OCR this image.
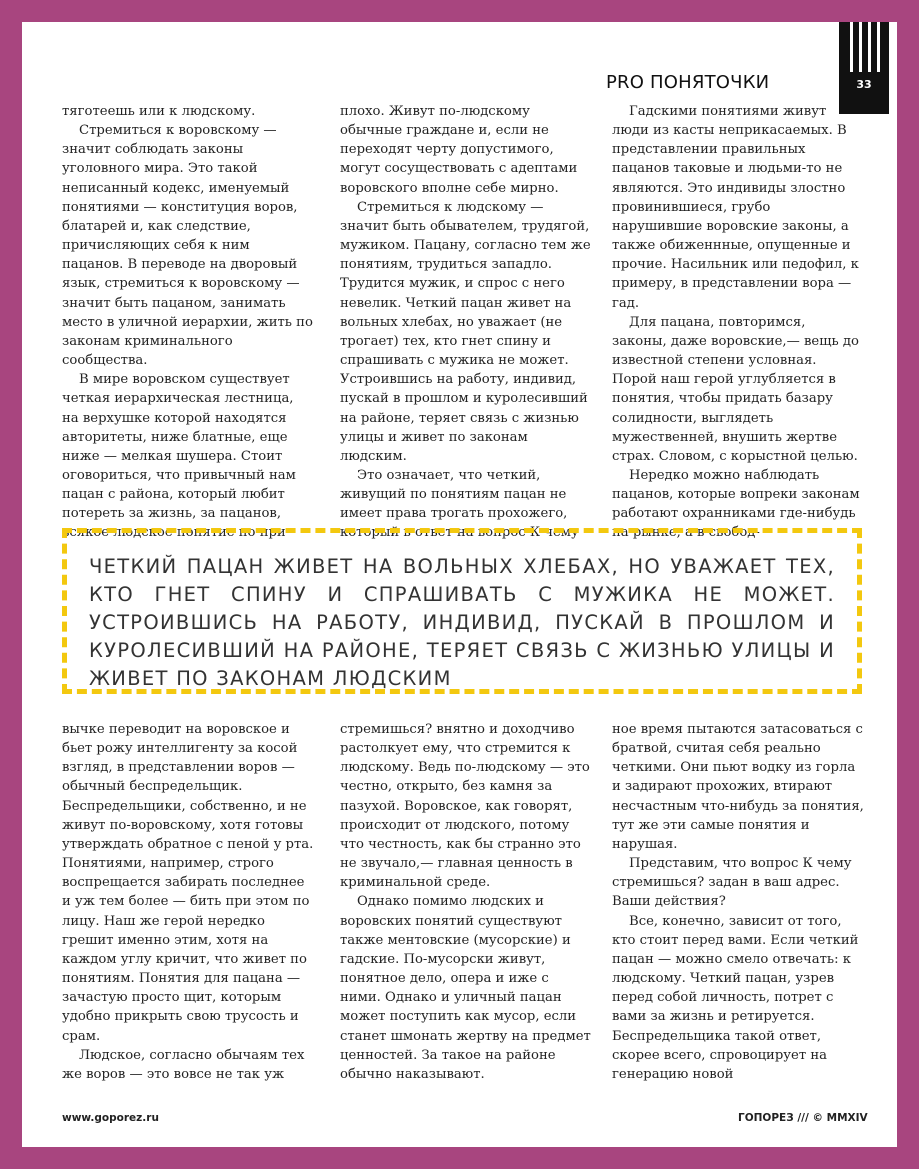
33
PRO ПОНЯТОЧКИ

тяготеешь или к людскому.

Стремиться к воровскому — значит соблюдать законы уголовного мира. Это такой неписанный кодекс, именуемый понятиями — конституция воров, блатарей и, как следствие, причисляющих себя к ним пацанов. В переводе на дворовый язык, стремиться к воровскому — значит быть пацаном, занимать место в уличной иерархии, жить по законам криминального сообщества.

В мире воровском существует четкая иерархическая лестница, на верхушке которой находятся авторитеты, ниже блатные, еще ниже — мелкая шушера. Стоит оговориться, что привычный нам пацан с района, который любит потереть за жизнь, за пацанов, всякое людское понятие по при-

плохо. Живут по-людскому обычные граждане и, если не переходят черту допустимого, могут сосуществовать с адептами воровского вполне себе мирно.

Стремиться к людскому — значит быть обывателем, трудягой, мужиком. Пацану, согласно тем же понятиям, трудиться западло. Трудится мужик, и спрос с него невелик. Четкий пацан живет на вольных хлебах, но уважает (не трогает) тех, кто гнет спину и спрашивать с мужика не может. Устроившись на работу, индивид, пускай в прошлом и куролесивший на районе, теряет связь с жизнью улицы и живет по законам людским.

Это означает, что четкий, живущий по понятиям пацан не имеет права трогать прохожего, который в ответ на вопрос К чему

Гадскими понятиями живут люди из касты неприкасаемых. В представлении правильных пацанов таковые и людьми-то не являются. Это индивиды злостно провинившиеся, грубо нарушившие воровские законы, а также обиженнные, опущенные и прочие. Насильник или педофил, к примеру, в представлении вора — гад.

Для пацана, повторимся, законы, даже воровские,— вещь до известной степени условная. Порой наш герой углубляется в понятия, чтобы придать базару солидности, выглядеть мужественней, внушить жертве страх. Словом, с корыстной целью.

Нередко можно наблюдать пацанов, которые вопреки законам работают охранниками где-нибудь на рынке, а в свобод-

ЧЕТКИЙ ПАЦАН ЖИВЕТ НА ВОЛЬНЫХ ХЛЕБАХ, НО УВАЖАЕТ ТЕХ, КТО ГНЕТ СПИНУ И СПРАШИВАТЬ С МУЖИКА НЕ МОЖЕТ. УСТРОИВШИСЬ НА РАБОТУ, ИНДИВИД, ПУСКАЙ В ПРОШЛОМ И КУРОЛЕСИВШИЙ НА РАЙОНЕ, ТЕРЯЕТ СВЯЗЬ С ЖИЗНЬЮ УЛИЦЫ И ЖИВЕТ ПО ЗАКОНАМ ЛЮДСКИМ

вычке переводит на воровское и бьет рожу интеллигенту за косой взгляд, в представлении воров — обычный беспредельщик. Беспредельщики, собственно, и не живут по-воровскому, хотя готовы утверждать обратное с пеной у рта. Понятиями, например, строго воспрещается забирать последнее и уж тем более — бить при этом по лицу. Наш же герой нередко грешит именно этим, хотя на каждом углу кричит, что живет по понятиям. Понятия для пацана — зачастую просто щит, которым удобно прикрыть свою трусость и срам.

Людское, согласно обычаям тех же воров — это вовсе не так уж

стремишься? внятно и доходчиво растолкует ему, что стремится к людскому. Ведь по-людскому — это честно, открыто, без камня за пазухой. Воровское, как говорят, происходит от людского, потому что честность, как бы странно это не звучало,— главная ценность в криминальной среде.

Однако помимо людских и воровских понятий существуют также ментовские (мусорские) и гадские. По-мусорски живут, понятное дело, опера и иже с ними. Однако и уличный пацан может поступить как мусор, если станет шмонать жертву на предмет ценностей. За такое на районе обычно наказывают.

ное время пытаются затасоваться с братвой, считая себя реально четкими. Они пьют водку из горла и задирают прохожих, втирают несчастным что-нибудь за понятия, тут же эти самые понятия и нарушая.

Представим, что вопрос К чему стремишься? задан в ваш адрес. Ваши действия?

Все, конечно, зависит от того, кто стоит перед вами. Если четкий пацан — можно смело отвечать: к людскому. Четкий пацан, узрев перед собой личность, потрет с вами за жизнь и ретируется. Беспредельщика такой ответ, скорее всего, спровоцирует на генерацию новой

www.goporez.ru	ГОПОРЕЗ /// © MMXIV
